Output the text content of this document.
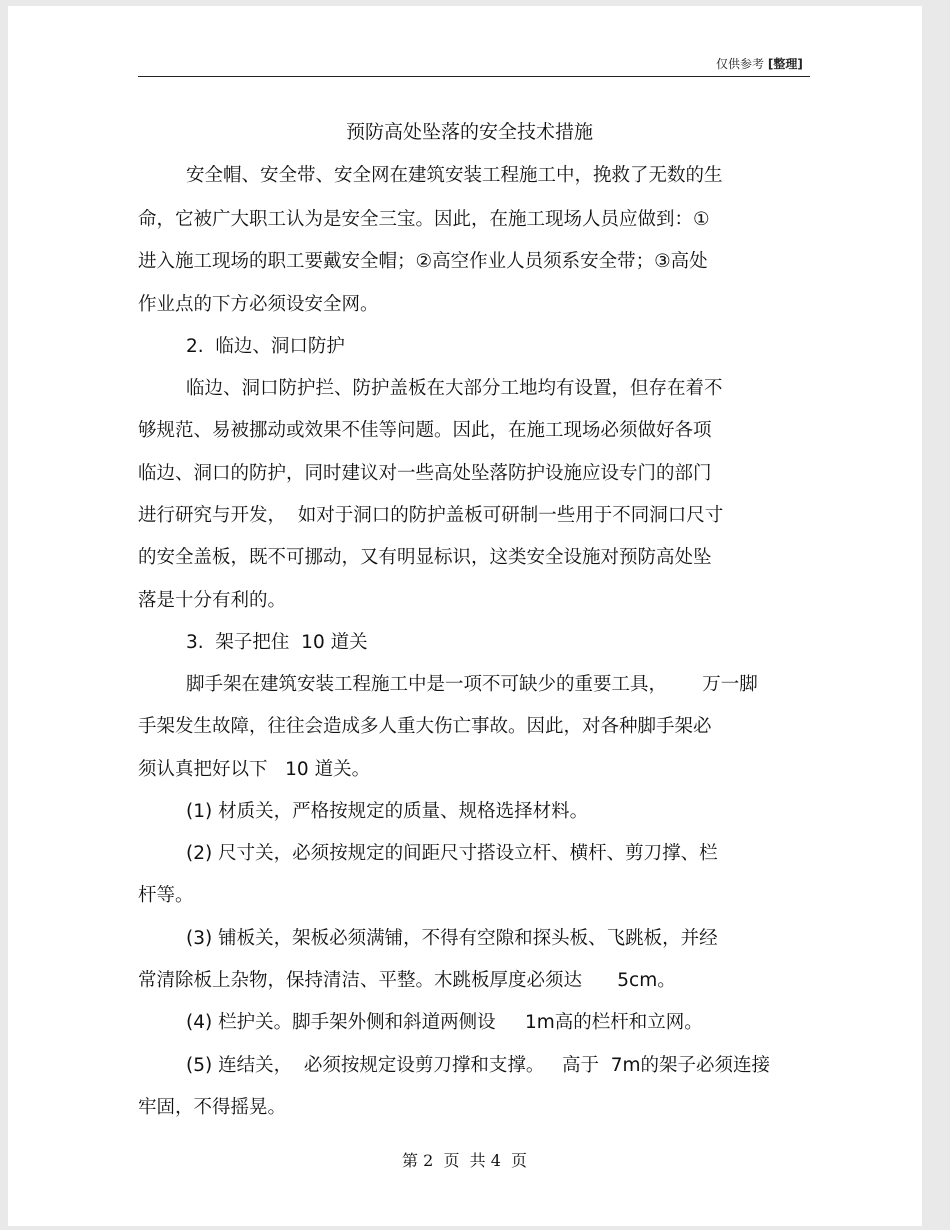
仅供参考 [整理]
预防高处坠落的安全技术措施
安全帽、安全带、安全网在建筑安装工程施工中，挽救了无数的生
命，它被广大职工认为是安全三宝。因此，在施工现场人员应做到：①
进入施工现场的职工要戴安全帽；②高空作业人员须系安全带；③高处
作业点的下方必须设安全网。
2.  临边、洞口防护
临边、洞口防护拦、防护盖板在大部分工地均有设置，但存在着不
够规范、易被挪动或效果不佳等问题。因此，在施工现场必须做好各项
临边、洞口的防护，同时建议对一些高处坠落防护设施应设专门的部门
进行研究与开发，  如对于洞口的防护盖板可研制一些用于不同洞口尺寸
的安全盖板，既不可挪动，又有明显标识，这类安全设施对预防高处坠
落是十分有利的。
3.  架子把住  10 道关
脚手架在建筑安装工程施工中是一项不可缺少的重要工具，      万一脚
手架发生故障，往往会造成多人重大伤亡事故。因此，对各种脚手架必
须认真把好以下   10 道关。
(1) 材质关，严格按规定的质量、规格选择材料。
(2) 尺寸关，必须按规定的间距尺寸搭设立杆、横杆、剪刀撑、栏
杆等。
(3) 铺板关，架板必须满铺，不得有空隙和探头板、飞跳板，并经
常清除板上杂物，保持清洁、平整。木跳板厚度必须达      5cm。
(4) 栏护关。脚手架外侧和斜道两侧设     1m高的栏杆和立网。
(5) 连结关，  必须按规定设剪刀撑和支撑。   高于  7m的架子必须连接
牢固，不得摇晃。
第 2  页  共 4  页
